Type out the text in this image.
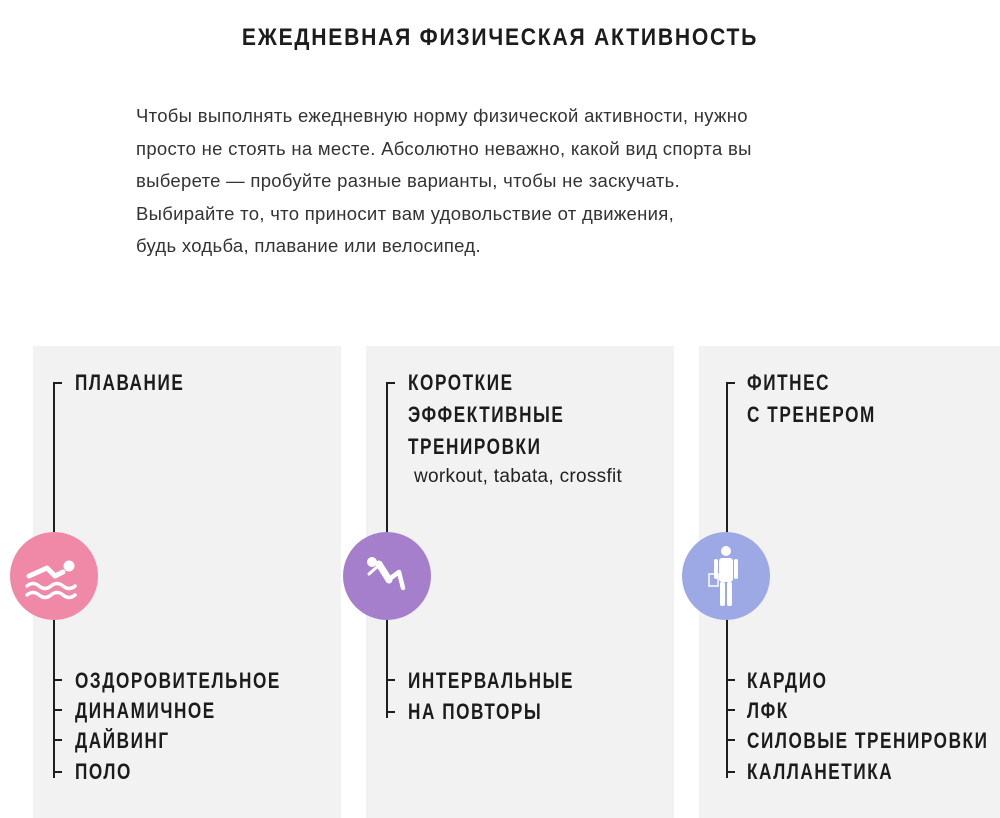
ЕЖЕДНЕВНАЯ ФИЗИЧЕСКАЯ АКТИВНОСТЬ

Чтобы выполнять ежедневную норму физической активности, нужно

просто не стоять на месте. Абсолютно неважно, какой вид спорта вы

выберете — пробуйте разные варианты, чтобы не заскучать.

Выбирайте то, что приносит вам удовольствие от движения,

будь ходьба, плавание или велосипед.

ПЛАВАНИЕ
ОЗДОРОВИТЕЛЬНОЕ
ДИНАМИЧНОЕ
ДАЙВИНГ
ПОЛО
КОРОТКИЕ
ЭФФЕКТИВНЫЕ
ТРЕНИРОВКИ
workout, tabata, crossfit
ИНТЕРВАЛЬНЫЕ
НА ПОВТОРЫ
ФИТНЕС
С ТРЕНЕРОМ
КАРДИО
ЛФК
СИЛОВЫЕ ТРЕНИРОВКИ
КАЛЛАНЕТИКА
